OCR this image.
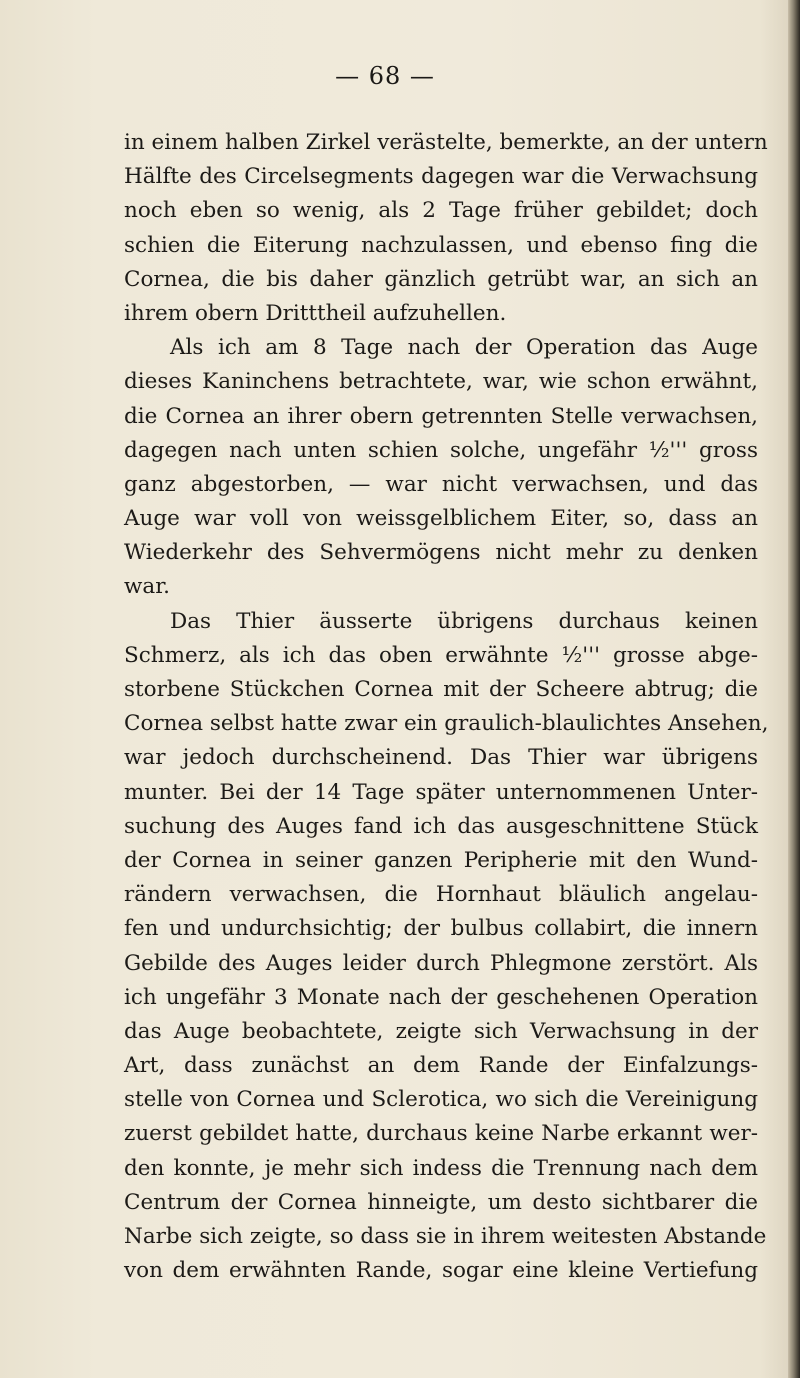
— 68 —
in einem halben Zirkel verästelte, bemerkte, an der untern
Hälfte des Circelsegments dagegen war die Verwachsung
noch eben so wenig, als 2 Tage früher gebildet; doch
schien die Eiterung nachzulassen, und ebenso fing die
Cornea, die bis daher gänzlich getrübt war, an sich an
ihrem obern Dritttheil aufzuhellen.
Als ich am 8 Tage nach der Operation das Auge
dieses Kaninchens betrachtete, war, wie schon erwähnt,
die Cornea an ihrer obern getrennten Stelle verwachsen,
dagegen nach unten schien solche, ungefähr ½''' gross
ganz abgestorben, — war nicht verwachsen, und das
Auge war voll von weissgelblichem Eiter, so, dass an
Wiederkehr des Sehvermögens nicht mehr zu denken
war.
Das Thier äusserte übrigens durchaus keinen
Schmerz, als ich das oben erwähnte ½''' grosse abge-
storbene Stückchen Cornea mit der Scheere abtrug; die
Cornea selbst hatte zwar ein graulich-blaulichtes Ansehen,
war jedoch durchscheinend. Das Thier war übrigens
munter. Bei der 14 Tage später unternommenen Unter-
suchung des Auges fand ich das ausgeschnittene Stück
der Cornea in seiner ganzen Peripherie mit den Wund-
rändern verwachsen, die Hornhaut bläulich angelau-
fen und undurchsichtig; der bulbus collabirt, die innern
Gebilde des Auges leider durch Phlegmone zerstört. Als
ich ungefähr 3 Monate nach der geschehenen Operation
das Auge beobachtete, zeigte sich Verwachsung in der
Art, dass zunächst an dem Rande der Einfalzungs-
stelle von Cornea und Sclerotica, wo sich die Vereinigung
zuerst gebildet hatte, durchaus keine Narbe erkannt wer-
den konnte, je mehr sich indess die Trennung nach dem
Centrum der Cornea hinneigte, um desto sichtbarer die
Narbe sich zeigte, so dass sie in ihrem weitesten Abstande
von dem erwähnten Rande, sogar eine kleine Vertiefung
